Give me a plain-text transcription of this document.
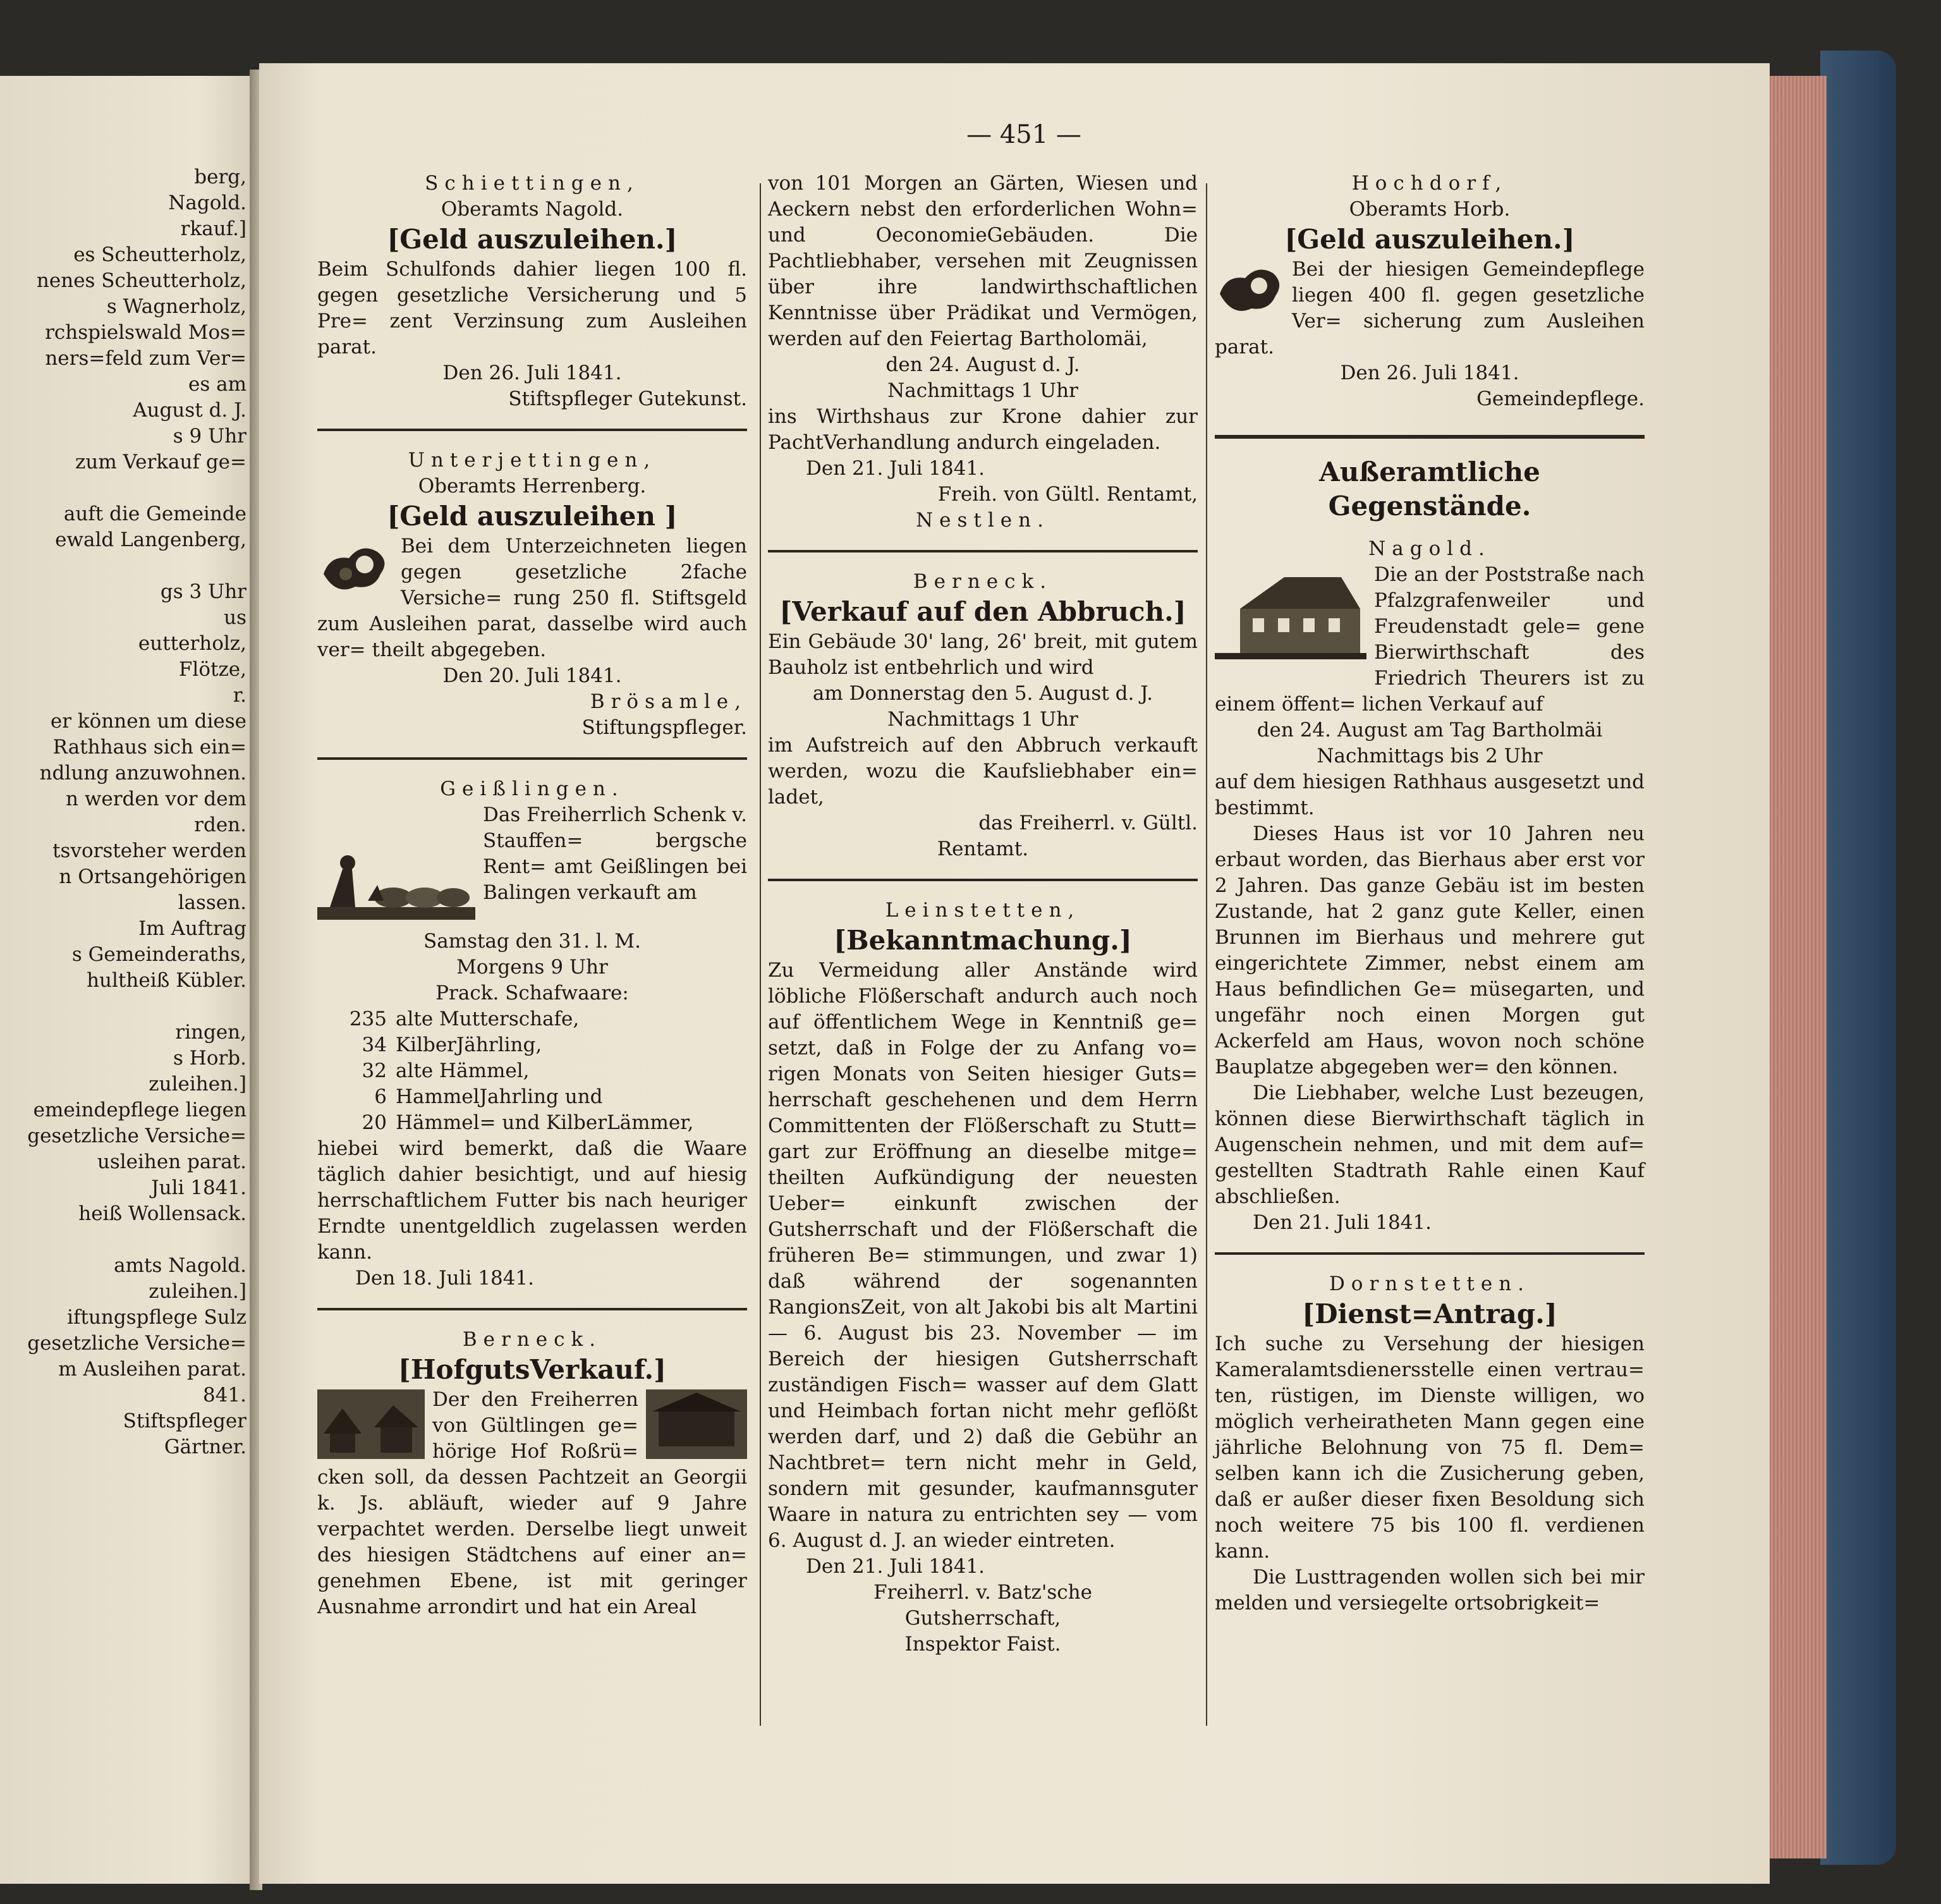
berg,
Nagold.
rkauf.]
es Scheutterholz,
nenes Scheutterholz,
s Wagnerholz,
rchspielswald Mos=
ners=feld zum Ver=
es am
August d. J.
s 9 Uhr
zum Verkauf ge=
auft die Gemeinde
ewald Langenberg,
gs 3 Uhr
us
eutterholz,
Flötze,
r.
er können um diese
Rathhaus sich ein=
ndlung anzuwohnen.
n werden vor dem
rden.
tsvorsteher werden
n Ortsangehörigen
lassen.
Im Auftrag
s Gemeinderaths,
hultheiß Kübler.
ringen,
s Horb.
zuleihen.]
emeindepflege liegen
gesetzliche Versiche=
usleihen parat.
Juli 1841.
heiß Wollensack.
amts Nagold.
zuleihen.]
iftungspflege Sulz
gesetzliche Versiche=
m Ausleihen parat.
841.
Stiftspfleger
Gärtner.
— 451 —

Schiettingen,

Oberamts Nagold.

[Geld auszuleihen.]

Beim Schulfonds dahier liegen 100 fl. gegen gesetzliche Versicherung und 5 Pre= zent Verzinsung zum Ausleihen parat.

Den 26. Juli 1841.

Stiftspfleger Gutekunst.

Unterjettingen,

Oberamts Herrenberg.

[Geld auszuleihen ]

Bei dem Unterzeichneten liegen gegen gesetzliche 2fache Versiche= rung 250 fl. Stiftsgeld zum Ausleihen parat, dasselbe wird auch ver= theilt abgegeben.

Den 20. Juli 1841.

Brösamle,

Stiftungspfleger.

Geißlingen.

Das Freiherrlich Schenk v. Stauffen= bergsche Rent= amt Geißlingen bei Balingen verkauft am

Samstag den 31. l. M.

Morgens 9 Uhr

Prack. Schafwaare:

235 alte Mutterschafe,
34 KilberJährling,
32 alte Hämmel,
6 HammelJahrling und
20 Hämmel= und KilberLämmer,

hiebei wird bemerkt, daß die Waare täglich dahier besichtigt, und auf hiesig herrschaftlichem Futter bis nach heuriger Erndte unentgeldlich zugelassen werden kann.

Den 18. Juli 1841.

Berneck.

[HofgutsVerkauf.]

Der den Freiherren von Gültlingen ge= hörige Hof Roßrü= cken soll, da dessen Pachtzeit an Georgii k. Js. abläuft, wieder auf 9 Jahre verpachtet werden. Derselbe liegt unweit des hiesigen Städtchens auf einer an= genehmen Ebene, ist mit geringer Ausnahme arrondirt und hat ein Areal

von 101 Morgen an Gärten, Wiesen und Aeckern nebst den erforderlichen Wohn= und OeconomieGebäuden. Die Pachtliebhaber, versehen mit Zeugnissen über ihre landwirthschaftlichen Kenntnisse über Prädikat und Vermögen, werden auf den Feiertag Bartholomäi,

den 24. August d. J.

Nachmittags 1 Uhr

ins Wirthshaus zur Krone dahier zur PachtVerhandlung andurch eingeladen.

Den 21. Juli 1841.

Freih. von Gültl. Rentamt,

Nestlen.

Berneck.

[Verkauf auf den Abbruch.]

Ein Gebäude 30' lang, 26' breit, mit gutem Bauholz ist entbehrlich und wird

am Donnerstag den 5. August d. J.

Nachmittags 1 Uhr

im Aufstreich auf den Abbruch verkauft werden, wozu die Kaufsliebhaber ein= ladet,

das Freiherrl. v. Gültl.

Rentamt.

Leinstetten,

[Bekanntmachung.]

Zu Vermeidung aller Anstände wird löbliche Flößerschaft andurch auch noch auf öffentlichem Wege in Kenntniß ge= setzt, daß in Folge der zu Anfang vo= rigen Monats von Seiten hiesiger Guts= herrschaft geschehenen und dem Herrn Committenten der Flößerschaft zu Stutt= gart zur Eröffnung an dieselbe mitge= theilten Aufkündigung der neuesten Ueber= einkunft zwischen der Gutsherrschaft und der Flößerschaft die früheren Be= stimmungen, und zwar 1) daß während der sogenannten RangionsZeit, von alt Jakobi bis alt Martini — 6. August bis 23. November — im Bereich der hiesigen Gutsherrschaft zuständigen Fisch= wasser auf dem Glatt und Heimbach fortan nicht mehr geflößt werden darf, und 2) daß die Gebühr an Nachtbret= tern nicht mehr in Geld, sondern mit gesunder, kaufmannsguter Waare in natura zu entrichten sey — vom 6. August d. J. an wieder eintreten.

Den 21. Juli 1841.

Freiherrl. v. Batz'sche

Gutsherrschaft,

Inspektor Faist.

Hochdorf,

Oberamts Horb.

[Geld auszuleihen.]

Bei der hiesigen Gemeindepflege liegen 400 fl. gegen gesetzliche Ver= sicherung zum Ausleihen parat.

Den 26. Juli 1841.

Gemeindepflege.

Außeramtliche Gegenstände.

Nagold.

Die an der Poststraße nach Pfalzgrafenweiler und Freudenstadt gele= gene Bierwirthschaft des Friedrich Theurers ist zu einem öffent= lichen Verkauf auf

den 24. August am Tag Bartholmäi

Nachmittags bis 2 Uhr

auf dem hiesigen Rathhaus ausgesetzt und bestimmt.

Dieses Haus ist vor 10 Jahren neu erbaut worden, das Bierhaus aber erst vor 2 Jahren. Das ganze Gebäu ist im besten Zustande, hat 2 ganz gute Keller, einen Brunnen im Bierhaus und mehrere gut eingerichtete Zimmer, nebst einem am Haus befindlichen Ge= müsegarten, und ungefähr noch einen Morgen gut Ackerfeld am Haus, wovon noch schöne Bauplatze abgegeben wer= den können.

Die Liebhaber, welche Lust bezeugen, können diese Bierwirthschaft täglich in Augenschein nehmen, und mit dem auf= gestellten Stadtrath Rahle einen Kauf abschließen.

Den 21. Juli 1841.

Dornstetten.

[Dienst=Antrag.]

Ich suche zu Versehung der hiesigen Kameralamtsdienersstelle einen vertrau= ten, rüstigen, im Dienste willigen, wo möglich verheiratheten Mann gegen eine jährliche Belohnung von 75 fl. Dem= selben kann ich die Zusicherung geben, daß er außer dieser fixen Besoldung sich noch weitere 75 bis 100 fl. verdienen kann.

Die Lusttragenden wollen sich bei mir melden und versiegelte ortsobrigkeit=
